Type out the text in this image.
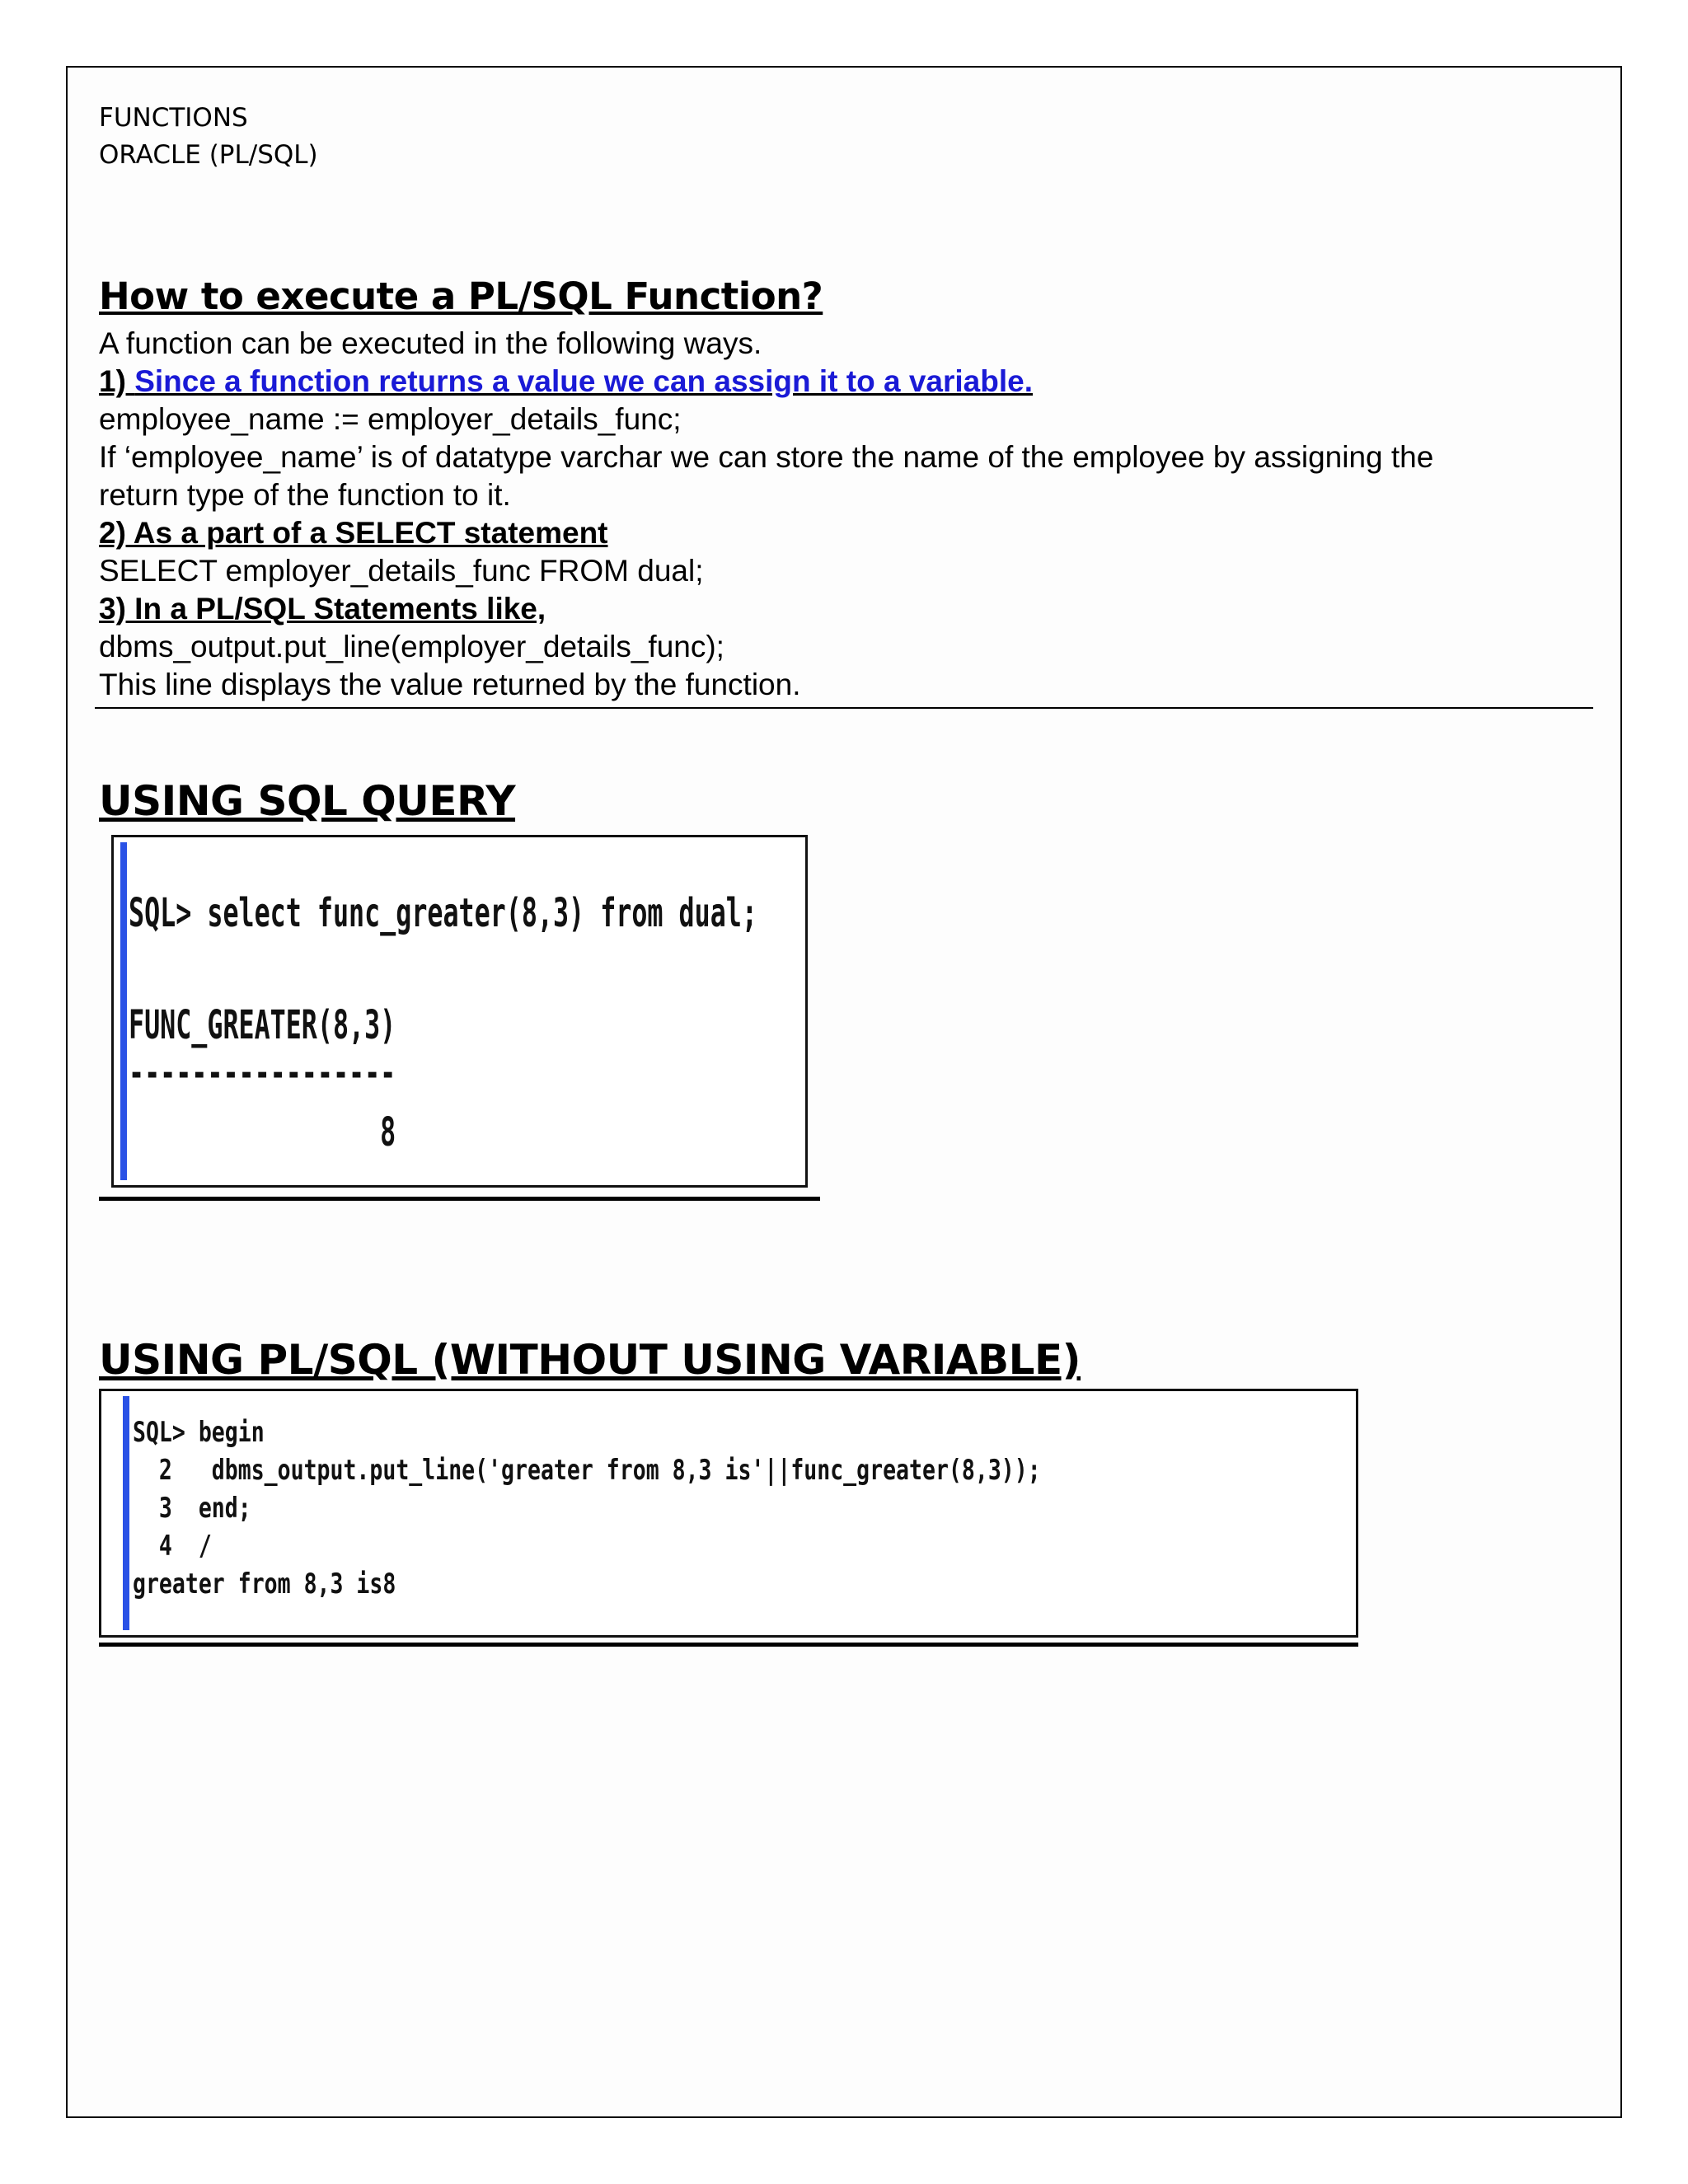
FUNCTIONS
ORACLE (PL/SQL)
How to execute a PL/SQL Function?
A function can be executed in the following ways.
1) Since a function returns a value we can assign it to a variable.
employee_name := employer_details_func;
If ‘employee_name’ is of datatype varchar we can store the name of the employee by assigning the
return type of the function to it.
2) As a part of a SELECT statement
SELECT employer_details_func FROM dual;
3) In a PL/SQL Statements like,
dbms_output.put_line(employer_details_func);
This line displays the value returned by the function.
USING SQL QUERY
SQL> select func_greater(8,3) from dual;
FUNC_GREATER(8,3)
-----------------
8
USING PL/SQL (WITHOUT USING VARIABLE)
SQL> begin
2   dbms_output.put_line('greater from 8,3 is'||func_greater(8,3));
3  end;
4  /
greater from 8,3 is8
